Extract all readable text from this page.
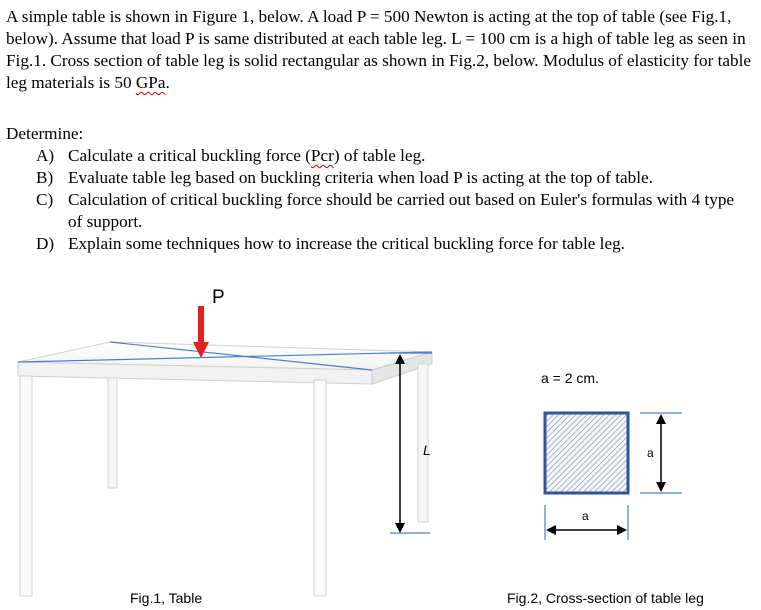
A simple table is shown in Figure 1, below. A load P = 500 Newton is acting at the top of table (see Fig.1, below). Assume that load P is same distributed at each table leg. L = 100 cm is a high of table leg as seen in Fig.1. Cross section of table leg is solid rectangular as shown in Fig.2, below. Modulus of elasticity for table leg materials is 50 GPa.
Determine:
A) Calculate a critical buckling force (Pcr) of table leg.
B) Evaluate table leg based on buckling criteria when load P is acting at the top of table.
C) Calculation of critical buckling force should be carried out based on Euler's formulas with 4 type of support.
D) Explain some techniques how to increase the critical buckling force for table leg.
P
L
a = 2 cm.
a
a
Fig.1, Table	Fig.2, Cross-section of table leg
